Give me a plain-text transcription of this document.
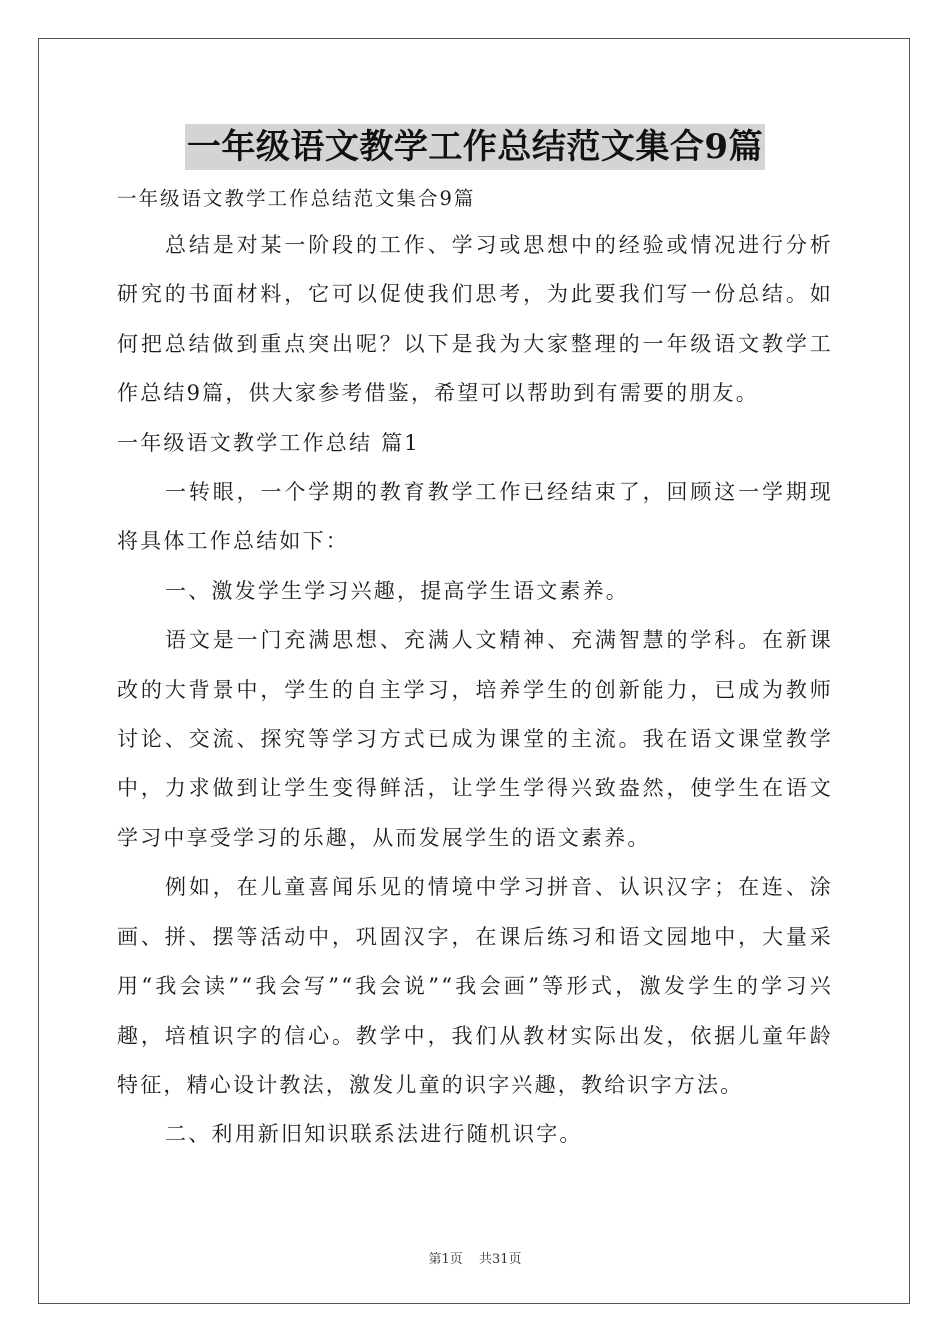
一年级语文教学工作总结范文集合9篇

一年级语文教学工作总结范文集合9篇

总结是对某一阶段的工作、学习或思想中的经验或情况进行分析研究的书面材料，它可以促使我们思考，为此要我们写一份总结。如何把总结做到重点突出呢？以下是我为大家整理的一年级语文教学工作总结9篇，供大家参考借鉴，希望可以帮助到有需要的朋友。

一年级语文教学工作总结 篇1

一转眼，一个学期的教育教学工作已经结束了，回顾这一学期现将具体工作总结如下：

一、激发学生学习兴趣，提高学生语文素养。

语文是一门充满思想、充满人文精神、充满智慧的学科。在新课改的大背景中，学生的自主学习，培养学生的创新能力，已成为教师讨论、交流、探究等学习方式已成为课堂的主流。我在语文课堂教学中，力求做到让学生变得鲜活，让学生学得兴致盎然，使学生在语文学习中享受学习的乐趣，从而发展学生的语文素养。

例如，在儿童喜闻乐见的情境中学习拼音、认识汉字；在连、涂画、拼、摆等活动中，巩固汉字，在课后练习和语文园地中，大量采用“我会读”“我会写”“我会说”“我会画”等形式，激发学生的学习兴趣，培植识字的信心。教学中，我们从教材实际出发，依据儿童年龄特征，精心设计教法，激发儿童的识字兴趣，教给识字方法。

二、利用新旧知识联系法进行随机识字。

第1页 共31页
